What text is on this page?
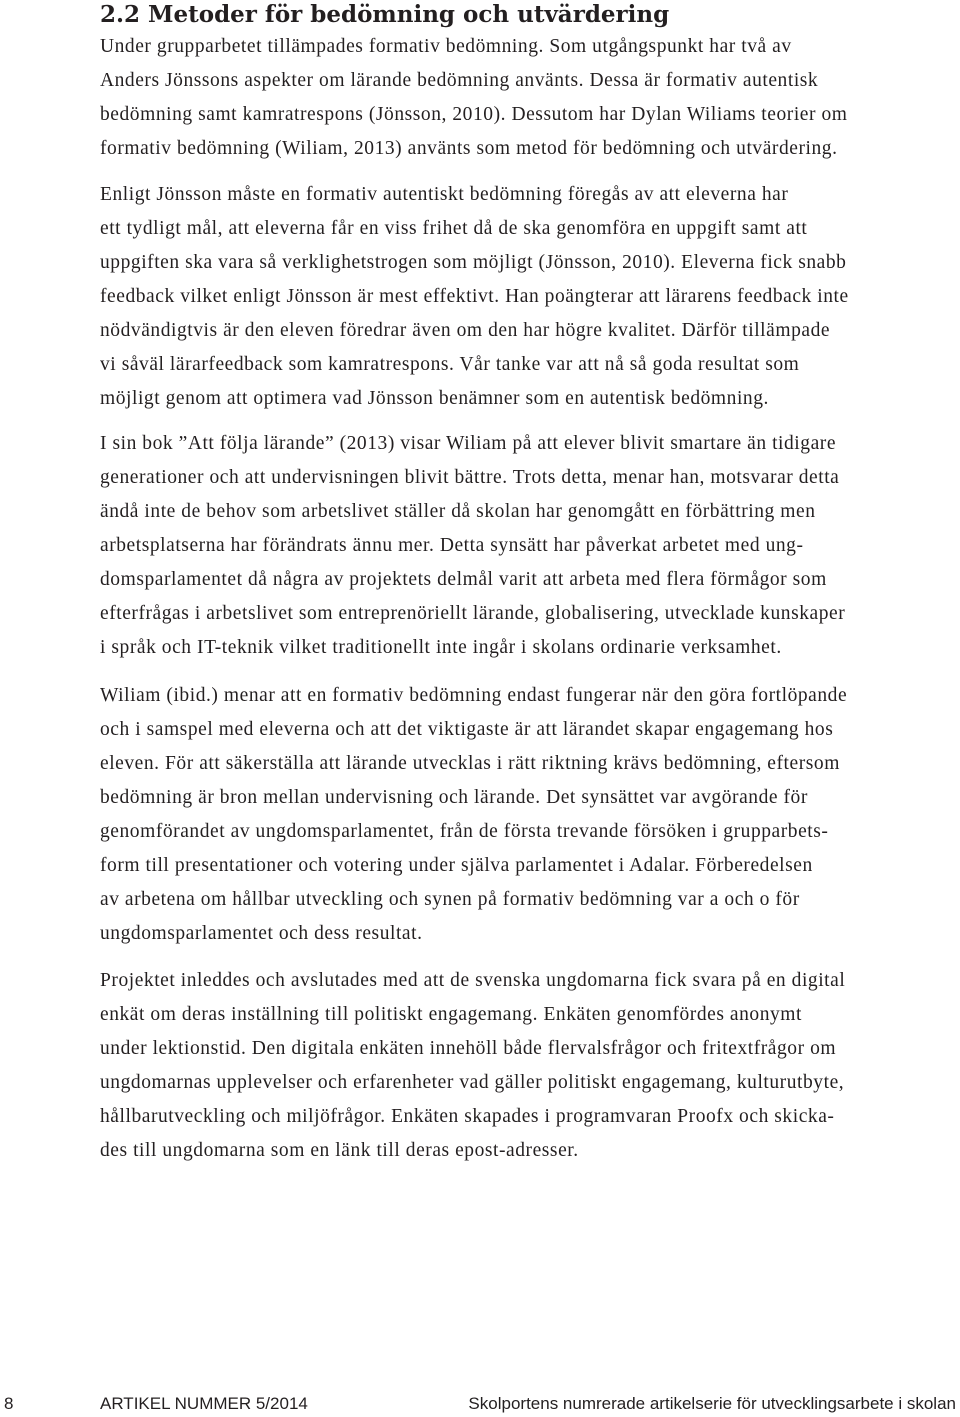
2.2 Metoder för bedömning och utvärdering

Under grupparbetet tillämpades formativ bedömning. Som utgångspunkt har två av
Anders Jönssons aspekter om lärande bedömning använts. Dessa är formativ autentisk
bedömning samt kamratrespons (Jönsson, 2010). Dessutom har Dylan Wiliams teorier om
formativ bedömning (Wiliam, 2013) använts som metod för bedömning och utvärdering.

Enligt Jönsson måste en formativ autentiskt bedömning föregås av att eleverna har
ett tydligt mål, att eleverna får en viss frihet då de ska genomföra en uppgift samt att
uppgiften ska vara så verklighetstrogen som möjligt (Jönsson, 2010). Eleverna fick snabb
feedback vilket enligt Jönsson är mest effektivt. Han poängterar att lärarens feedback inte
nödvändigtvis är den eleven föredrar även om den har högre kvalitet. Därför tillämpade
vi såväl lärarfeedback som kamratrespons. Vår tanke var att nå så goda resultat som
möjligt genom att optimera vad Jönsson benämner som en autentisk bedömning.

I sin bok ”Att följa lärande” (2013) visar Wiliam på att elever blivit smartare än tidigare
generationer och att undervisningen blivit bättre. Trots detta, menar han, motsvarar detta
ändå inte de behov som arbetslivet ställer då skolan har genomgått en förbättring men
arbetsplatserna har förändrats ännu mer. Detta synsätt har påverkat arbetet med ung-
domsparlamentet då några av projektets delmål varit att arbeta med flera förmågor som
efterfrågas i arbetslivet som entreprenöriellt lärande, globalisering, utvecklade kunskaper
i språk och IT-teknik vilket traditionellt inte ingår i skolans ordinarie verksamhet.

Wiliam (ibid.) menar att en formativ bedömning endast fungerar när den göra fortlöpande
och i samspel med eleverna och att det viktigaste är att lärandet skapar engagemang hos
eleven. För att säkerställa att lärande utvecklas i rätt riktning krävs bedömning, eftersom
bedömning är bron mellan undervisning och lärande. Det synsättet var avgörande för
genomförandet av ungdomsparlamentet, från de första trevande försöken i grupparbets-
form till presentationer och votering under själva parlamentet i Adalar. Förberedelsen
av arbetena om hållbar utveckling och synen på formativ bedömning var a och o för
ungdomsparlamentet och dess resultat.

Projektet inleddes och avslutades med att de svenska ungdomarna fick svara på en digital
enkät om deras inställning till politiskt engagemang. Enkäten genomfördes anonymt
under lektionstid. Den digitala enkäten innehöll både flervalsfrågor och fritextfrågor om
ungdomarnas upplevelser och erfarenheter vad gäller politiskt engagemang, kulturutbyte,
hållbarutveckling och miljöfrågor. Enkäten skapades i programvaran Proofx och skicka-
des till ungdomarna som en länk till deras epost-adresser.

8	ARTIKEL NUMMER 5/2014	Skolportens numrerade artikelserie för utvecklingsarbete i skolan
